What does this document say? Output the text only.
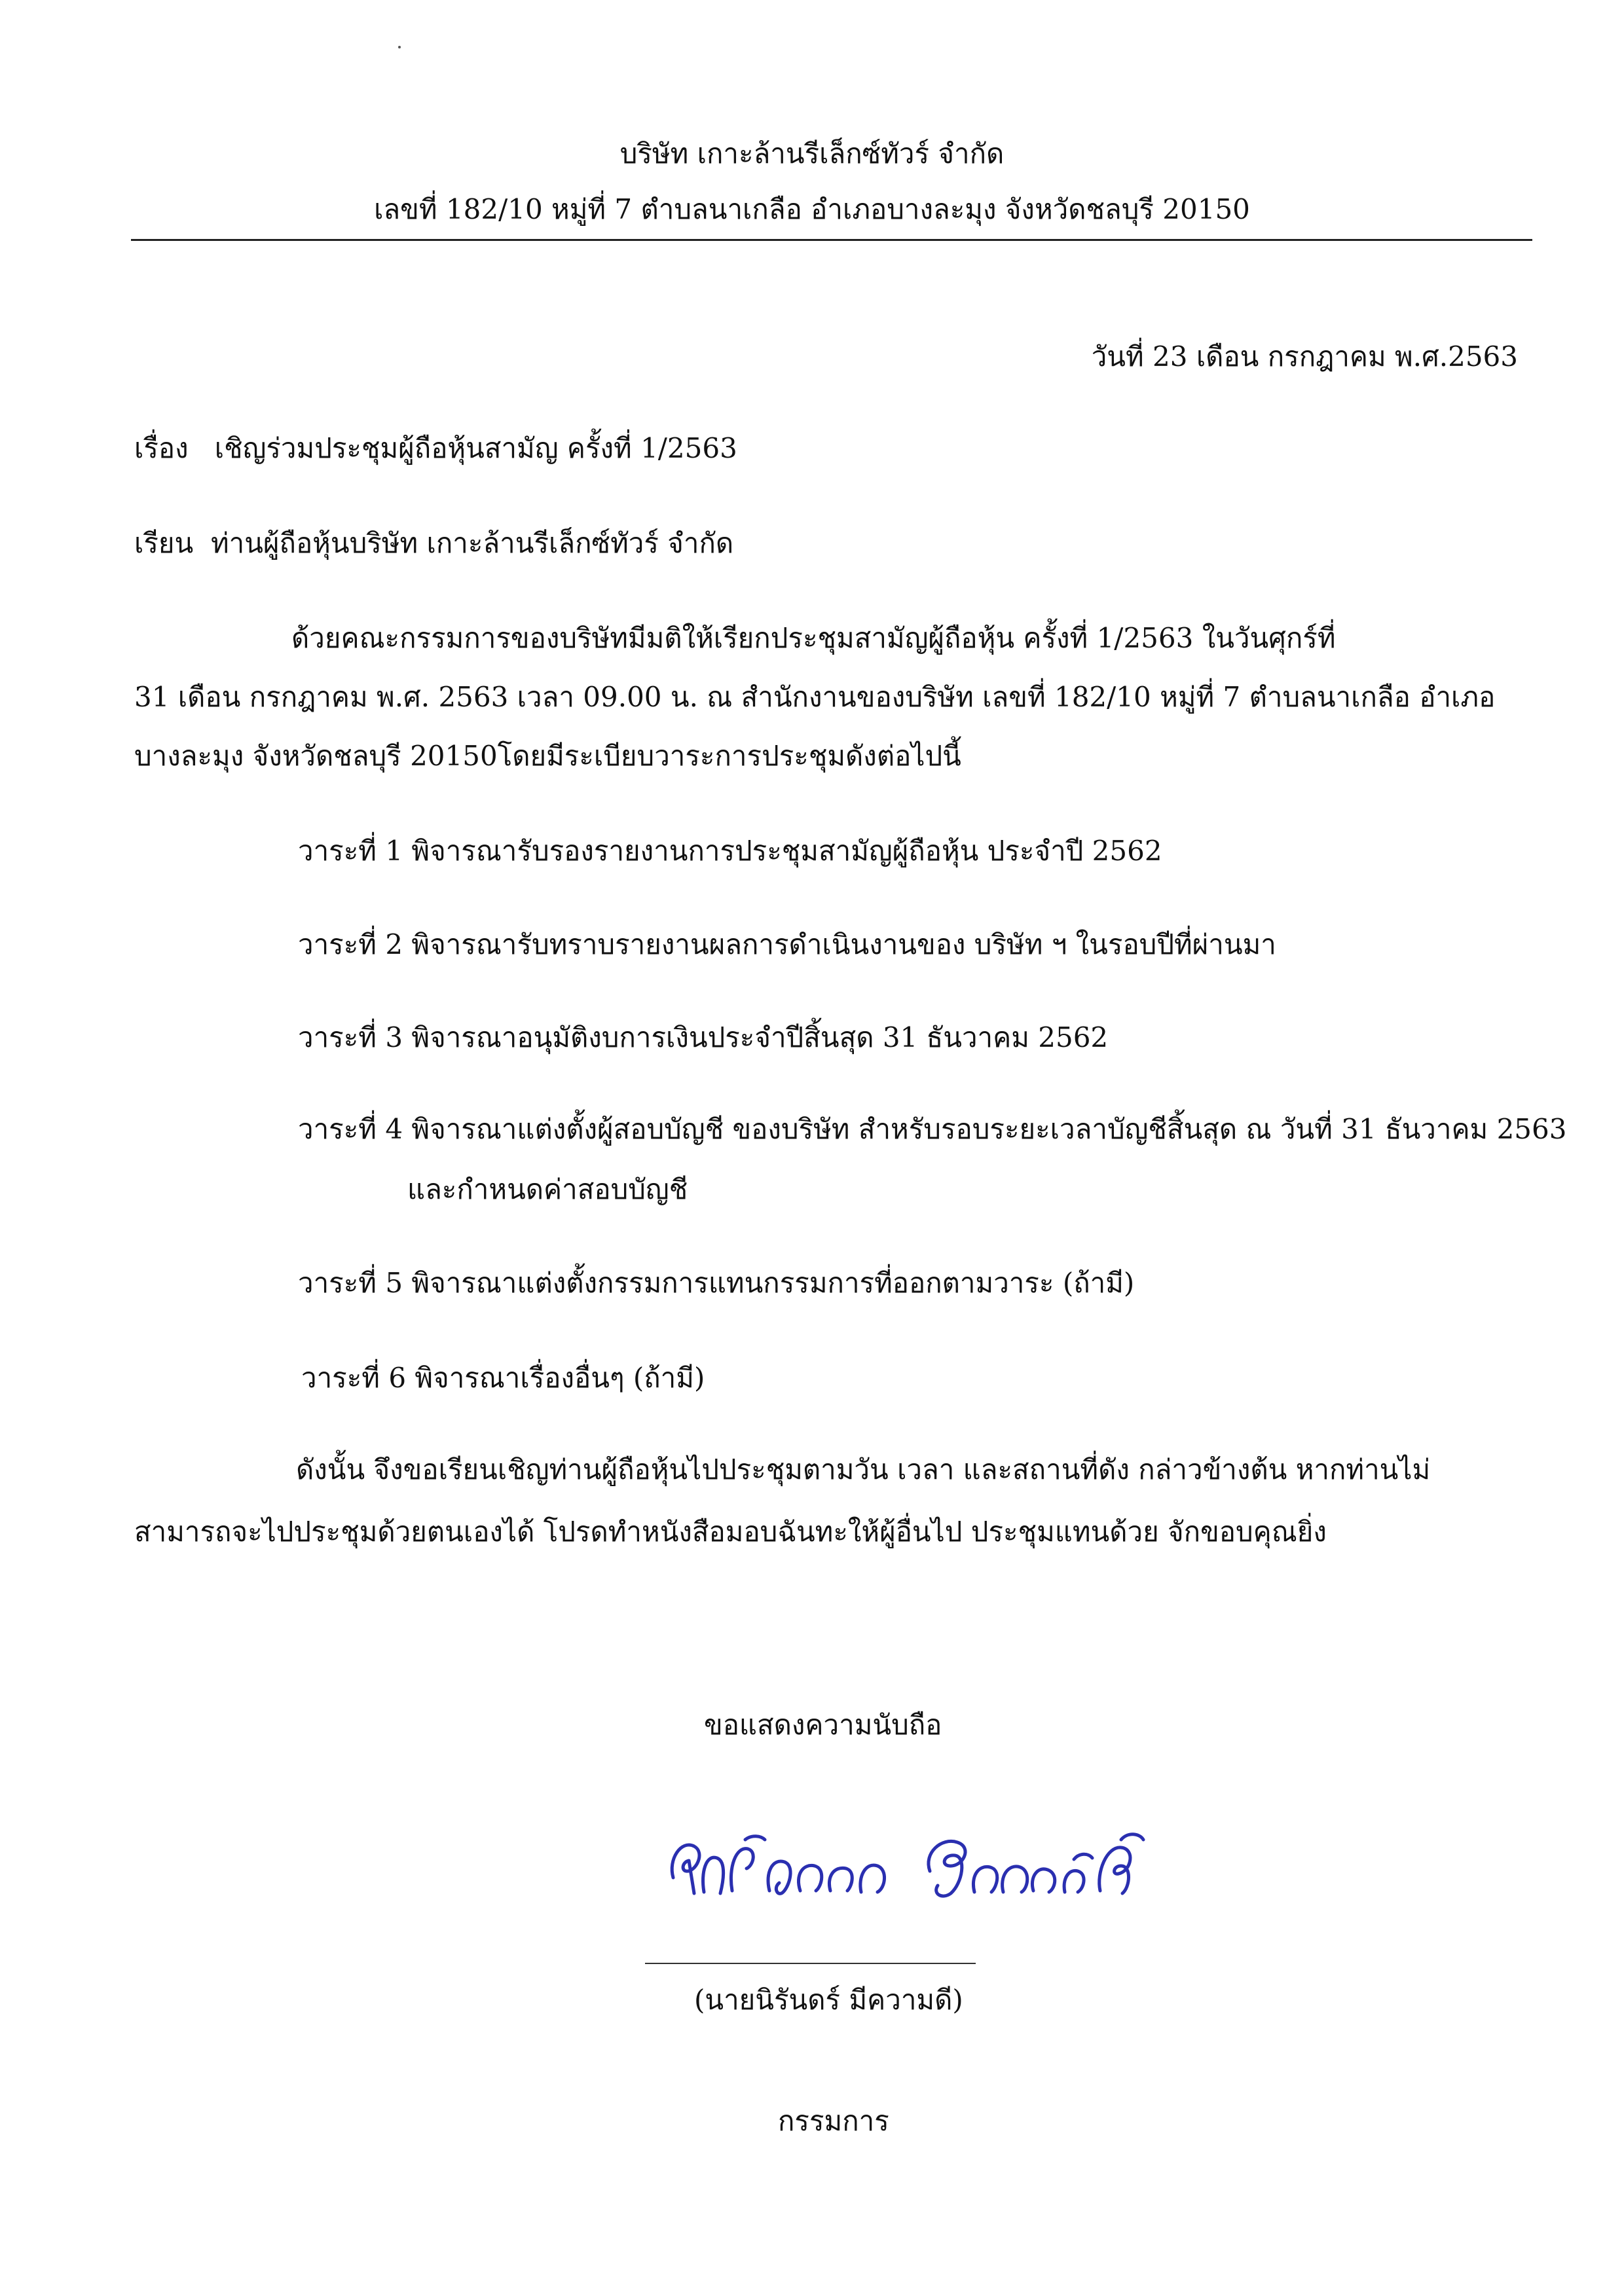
บริษัท เกาะล้านรีเล็กซ์ทัวร์ จำกัด
เลขที่ 182/10 หมู่ที่ 7 ตำบลนาเกลือ อำเภอบางละมุง จังหวัดชลบุรี 20150
วันที่ 23 เดือน กรกฎาคม พ.ศ.2563
เรื่อง เชิญร่วมประชุมผู้ถือหุ้นสามัญ ครั้งที่ 1/2563
เรียน ท่านผู้ถือหุ้นบริษัท เกาะล้านรีเล็กซ์ทัวร์ จำกัด
ด้วยคณะกรรมการของบริษัทมีมติให้เรียกประชุมสามัญผู้ถือหุ้น ครั้งที่ 1/2563 ในวันศุกร์ที่
31 เดือน กรกฎาคม พ.ศ. 2563 เวลา 09.00 น. ณ สำนักงานของบริษัท เลขที่ 182/10 หมู่ที่ 7 ตำบลนาเกลือ อำเภอ
บางละมุง จังหวัดชลบุรี 20150โดยมีระเบียบวาระการประชุมดังต่อไปนี้
วาระที่ 1 พิจารณารับรองรายงานการประชุมสามัญผู้ถือหุ้น ประจำปี 2562
วาระที่ 2 พิจารณารับทราบรายงานผลการดำเนินงานของ บริษัท ฯ ในรอบปีที่ผ่านมา
วาระที่ 3 พิจารณาอนุมัติงบการเงินประจำปีสิ้นสุด 31 ธันวาคม 2562
วาระที่ 4 พิจารณาแต่งตั้งผู้สอบบัญชี ของบริษัท สำหรับรอบระยะเวลาบัญชีสิ้นสุด ณ วันที่ 31 ธันวาคม 2563
และกำหนดค่าสอบบัญชี
วาระที่ 5 พิจารณาแต่งตั้งกรรมการแทนกรรมการที่ออกตามวาระ (ถ้ามี)
วาระที่ 6 พิจารณาเรื่องอื่นๆ (ถ้ามี)
ดังนั้น จึงขอเรียนเชิญท่านผู้ถือหุ้นไปประชุมตามวัน เวลา และสถานที่ดัง กล่าวข้างต้น หากท่านไม่
สามารถจะไปประชุมด้วยตนเองได้ โปรดทำหนังสือมอบฉันทะให้ผู้อื่นไป ประชุมแทนด้วย จักขอบคุณยิ่ง
ขอแสดงความนับถือ
(นายนิรันดร์ มีความดี)
กรรมการ
